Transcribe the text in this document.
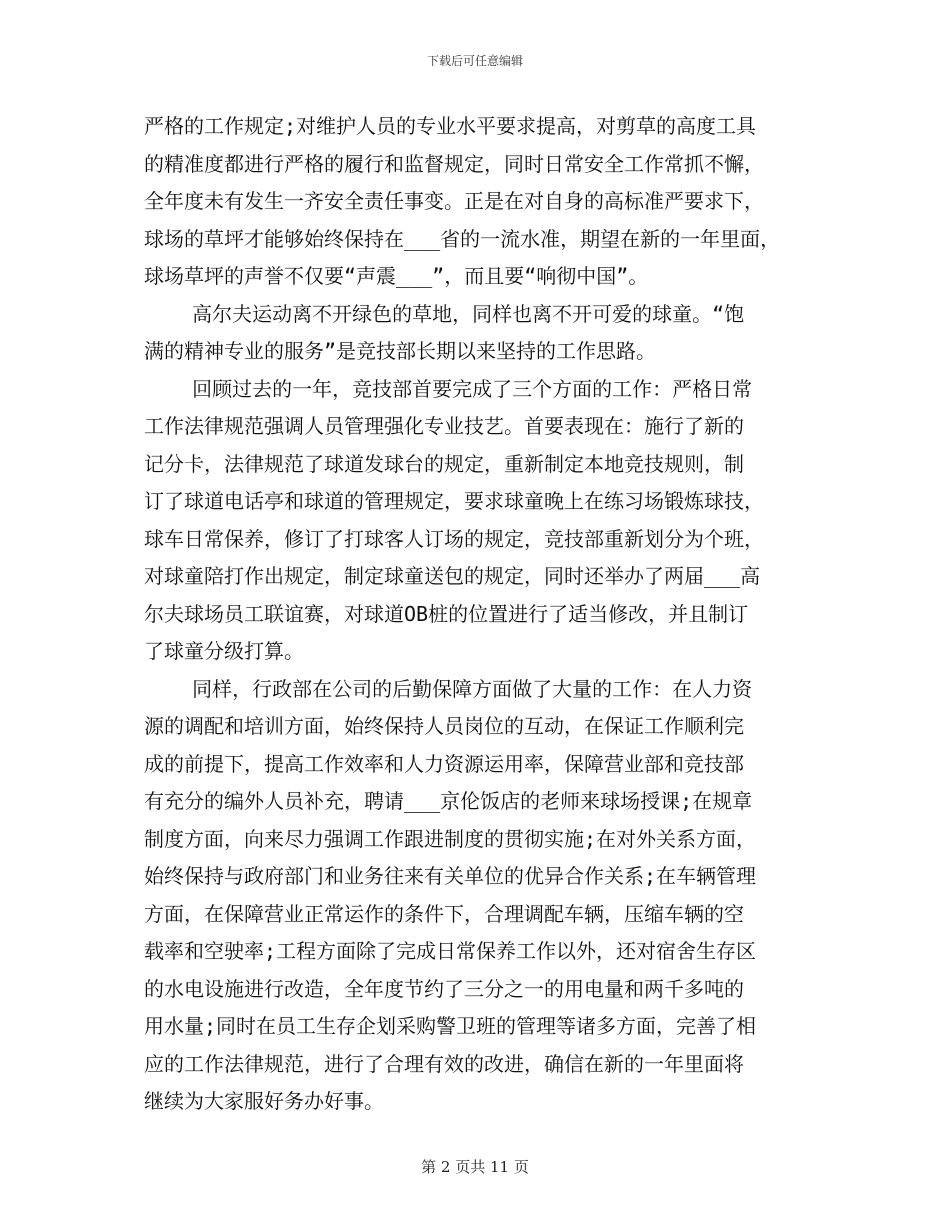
下载后可任意编辑
严格的工作规定;对维护人员的专业水平要求提高，对剪草的高度工具
的精准度都进行严格的履行和监督规定，同时日常安全工作常抓不懈，
全年度未有发生一齐安全责任事变。正是在对自身的高标准严要求下，
球场的草坪才能够始终保持在___省的一流水准，期望在新的一年里面，
球场草坪的声誉不仅要“声震___”，而且要“响彻中国”。
高尔夫运动离不开绿色的草地，同样也离不开可爱的球童。“饱
满的精神专业的服务”是竞技部长期以来坚持的工作思路。
回顾过去的一年，竞技部首要完成了三个方面的工作：严格日常
工作法律规范强调人员管理强化专业技艺。首要表现在：施行了新的
记分卡，法律规范了球道发球台的规定，重新制定本地竞技规则，制
订了球道电话亭和球道的管理规定，要求球童晚上在练习场锻炼球技，
球车日常保养，修订了打球客人订场的规定，竞技部重新划分为个班，
对球童陪打作出规定，制定球童送包的规定，同时还举办了两届___高
尔夫球场员工联谊赛，对球道OB桩的位置进行了适当修改，并且制订
了球童分级打算。
同样，行政部在公司的后勤保障方面做了大量的工作：在人力资
源的调配和培训方面，始终保持人员岗位的互动，在保证工作顺利完
成的前提下，提高工作效率和人力资源运用率，保障营业部和竞技部
有充分的编外人员补充，聘请___京伦饭店的老师来球场授课;在规章
制度方面，向来尽力强调工作跟进制度的贯彻实施;在对外关系方面，
始终保持与政府部门和业务往来有关单位的优异合作关系;在车辆管理
方面，在保障营业正常运作的条件下，合理调配车辆，压缩车辆的空
载率和空驶率;工程方面除了完成日常保养工作以外，还对宿舍生存区
的水电设施进行改造，全年度节约了三分之一的用电量和两千多吨的
用水量;同时在员工生存企划采购警卫班的管理等诸多方面，完善了相
应的工作法律规范，进行了合理有效的改进，确信在新的一年里面将
继续为大家服好务办好事。
第 2 页共 11 页
